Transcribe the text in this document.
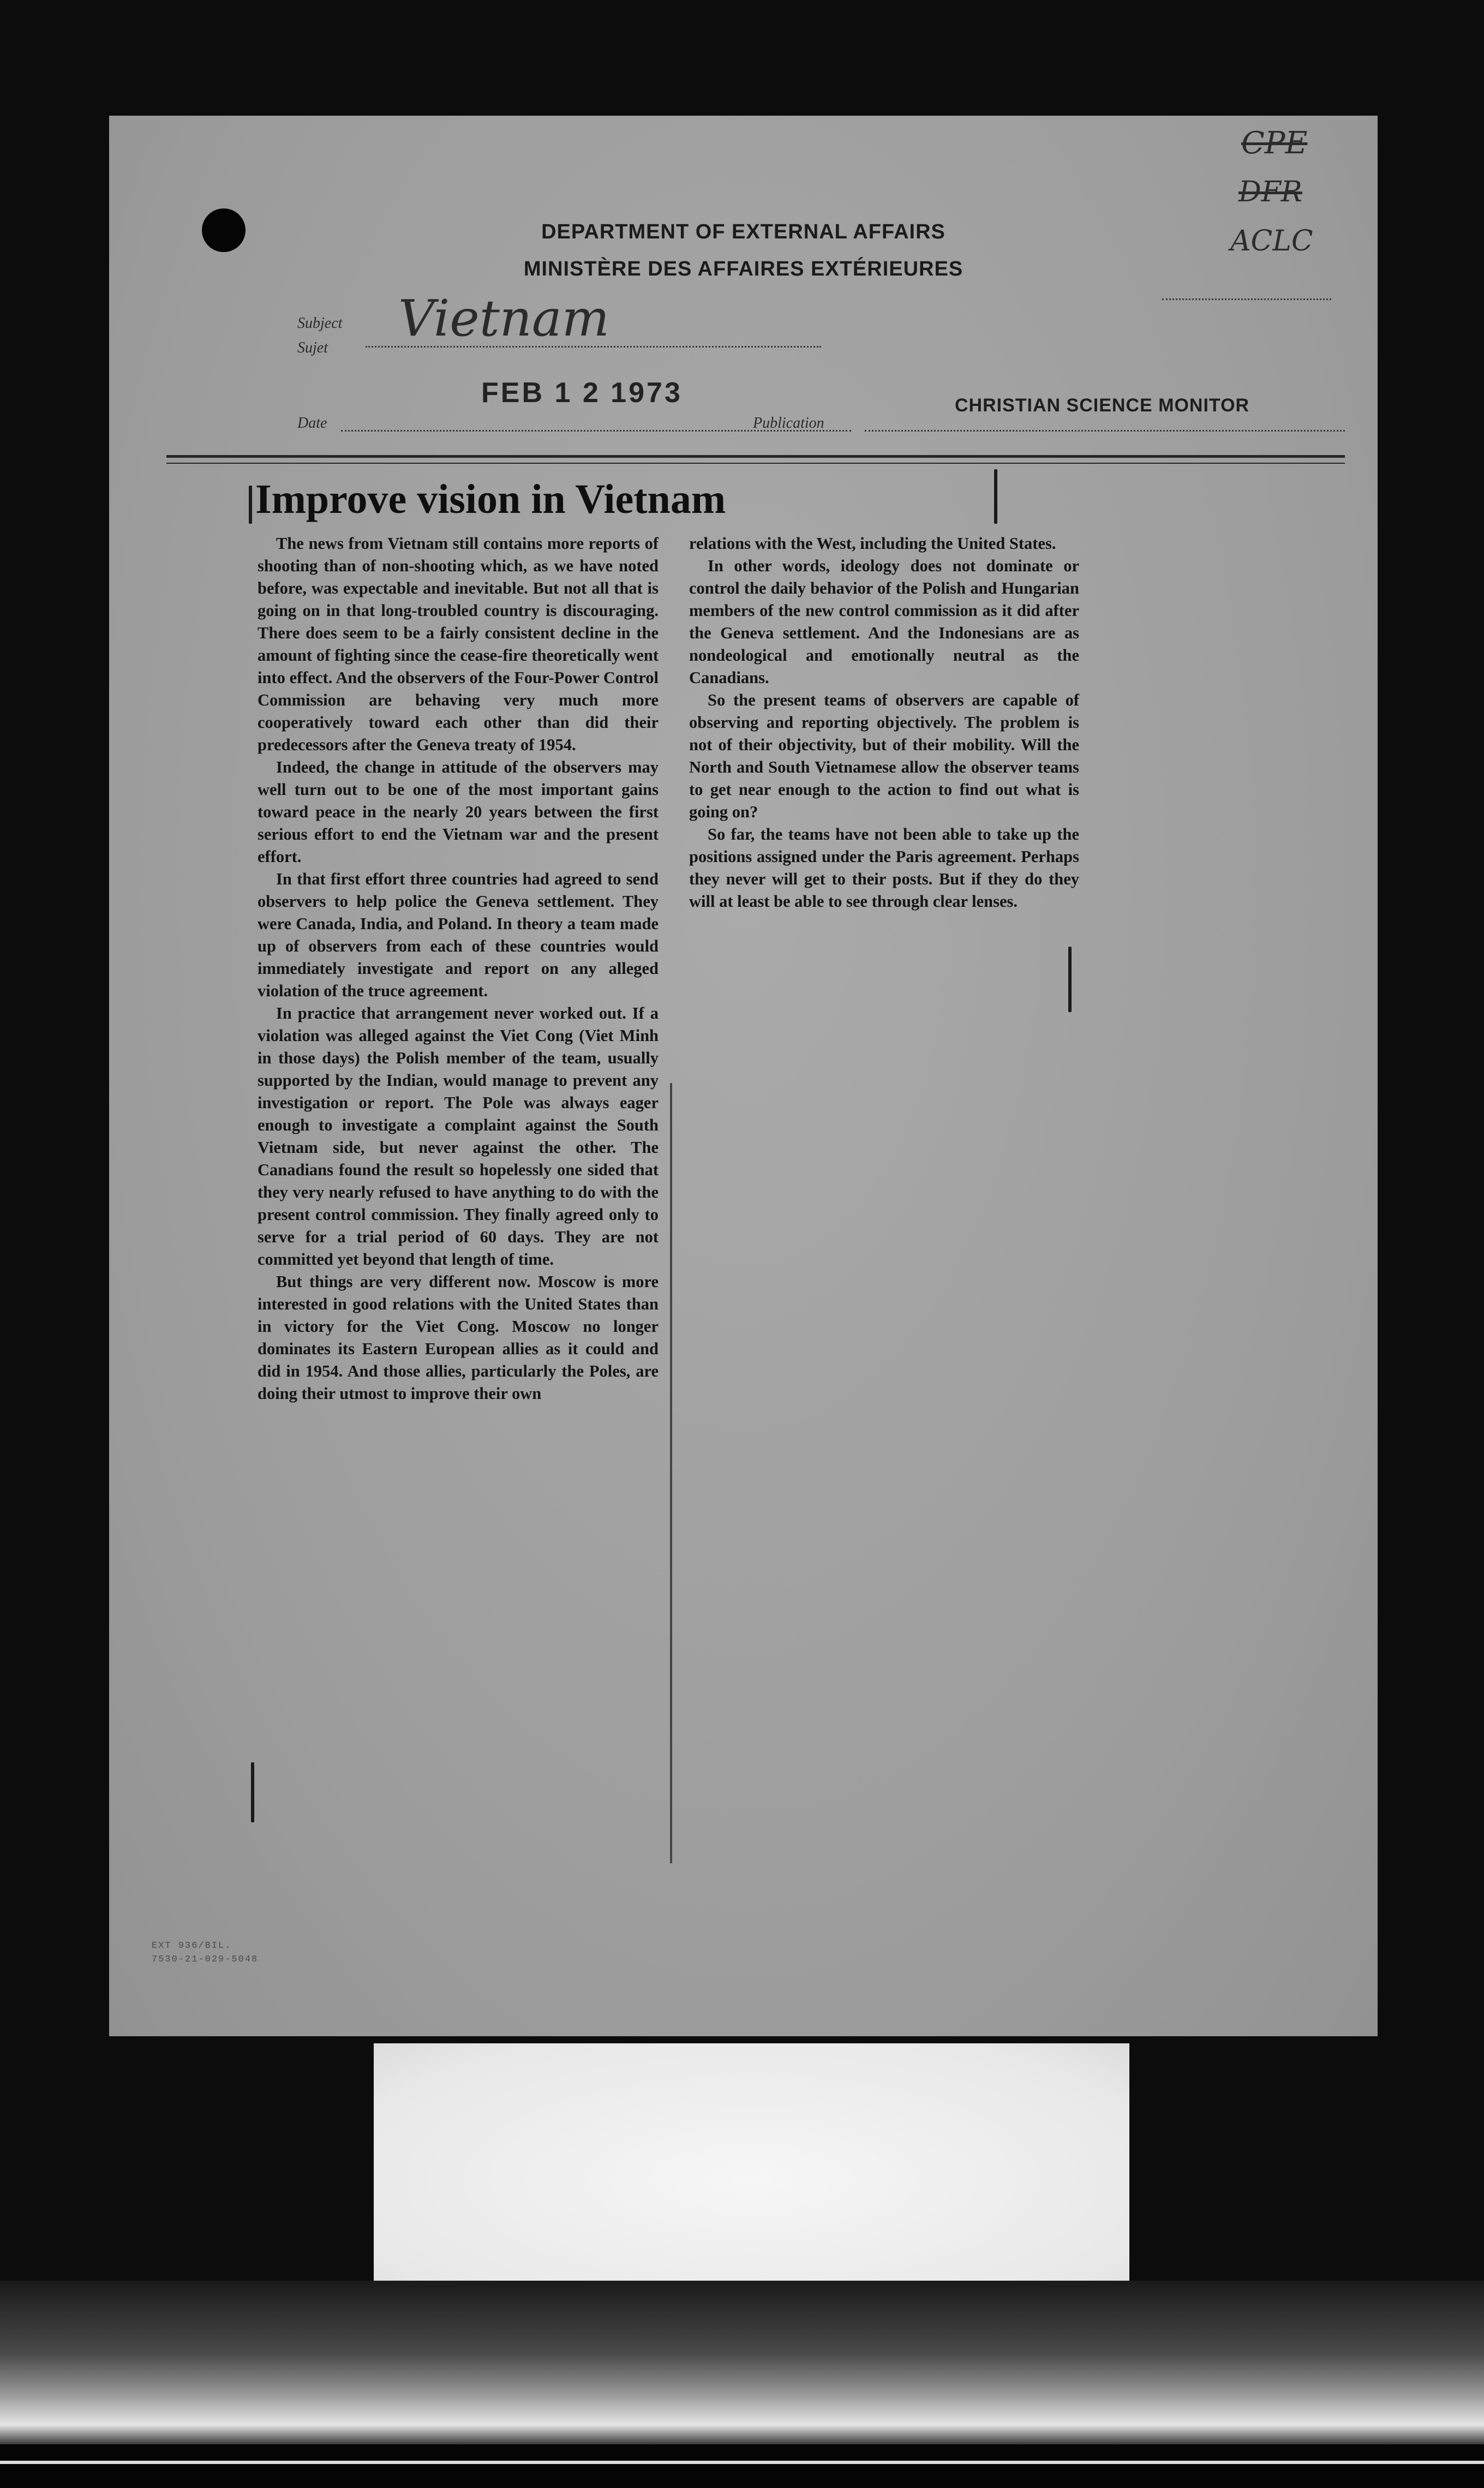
DEPARTMENT OF EXTERNAL AFFAIRS
MINISTÈRE DES AFFAIRES EXTÉRIEURES
CPE
DFR
ACLC
Subject
Sujet
Vietnam
FEB 1 2 1973
Date	Publication
CHRISTIAN SCIENCE MONITOR
Improve vision in Vietnam

The news from Vietnam still contains more reports of shooting than of non-shooting which, as we have noted before, was expectable and inevitable. But not all that is going on in that long-troubled country is discouraging. There does seem to be a fairly consistent decline in the amount of fighting since the cease-fire theoretically went into effect. And the observers of the Four-Power Control Commission are behaving very much more cooperatively toward each other than did their predecessors after the Geneva treaty of 1954.

Indeed, the change in attitude of the observers may well turn out to be one of the most important gains toward peace in the nearly 20 years between the first serious effort to end the Vietnam war and the present effort.

In that first effort three countries had agreed to send observers to help police the Geneva settlement. They were Canada, India, and Poland. In theory a team made up of observers from each of these countries would immediately investigate and report on any alleged violation of the truce agreement.

In practice that arrangement never worked out. If a violation was alleged against the Viet Cong (Viet Minh in those days) the Polish member of the team, usually supported by the Indian, would manage to prevent any investigation or report. The Pole was always eager enough to investigate a complaint against the South Vietnam side, but never against the other. The Canadians found the result so hopelessly one sided that they very nearly refused to have anything to do with the present control commission. They finally agreed only to serve for a trial period of 60 days. They are not committed yet beyond that length of time.

But things are very different now. Moscow is more interested in good relations with the United States than in victory for the Viet Cong. Moscow no longer dominates its Eastern European allies as it could and did in 1954. And those allies, particularly the Poles, are doing their utmost to improve their own

relations with the West, including the United States.

In other words, ideology does not dominate or control the daily behavior of the Polish and Hungarian members of the new control commission as it did after the Geneva settlement. And the Indonesians are as nondeological and emotionally neutral as the Canadians.

So the present teams of observers are capable of observing and reporting objectively. The problem is not of their objectivity, but of their mobility. Will the North and South Vietnamese allow the observer teams to get near enough to the action to find out what is going on?

So far, the teams have not been able to take up the positions assigned under the Paris agreement. Perhaps they never will get to their posts. But if they do they will at least be able to see through clear lenses.

EXT 936/BIL.
7530-21-029-5048
